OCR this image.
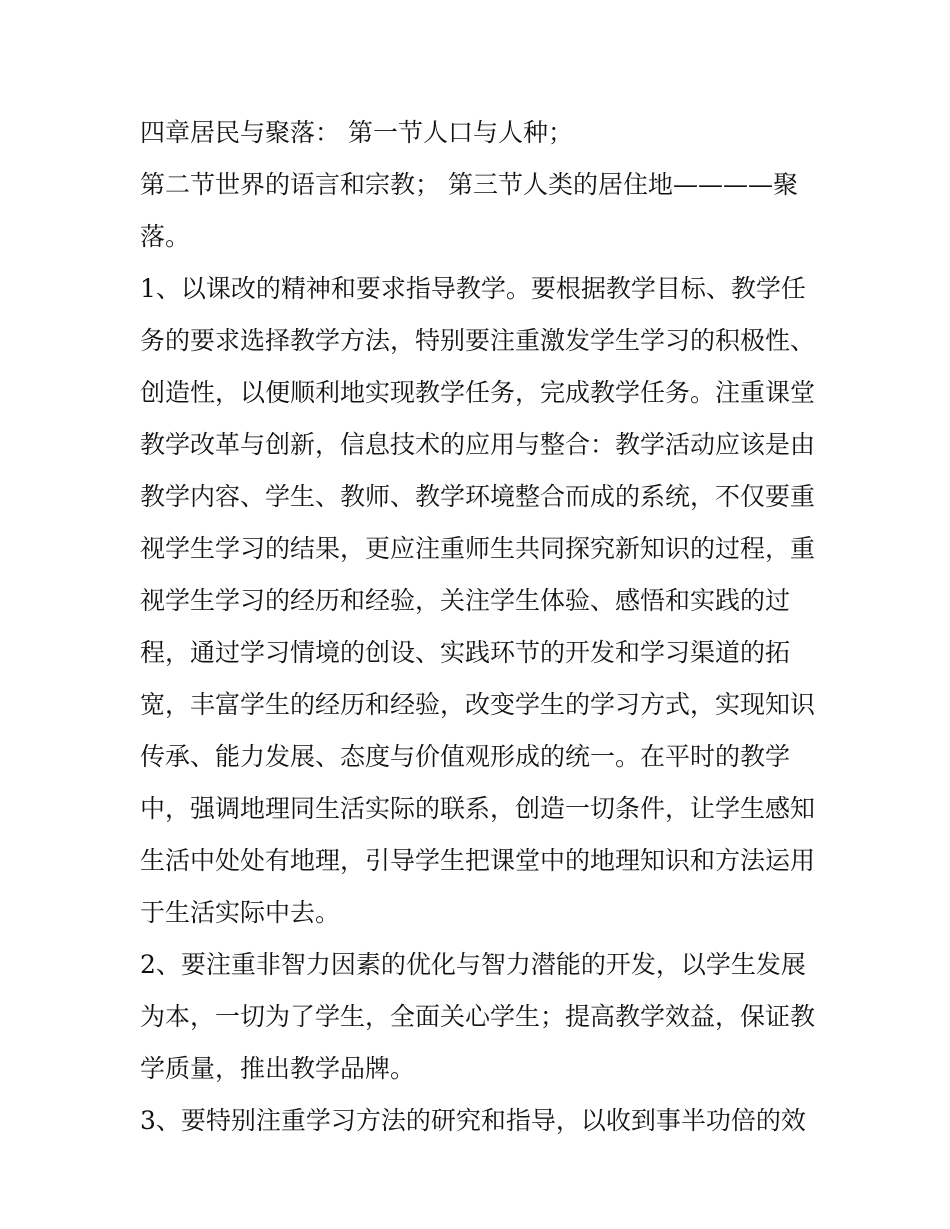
四章居民与聚落： 第一节人口与人种；
第二节世界的语言和宗教； 第三节人类的居住地————聚
落。
1、以课改的精神和要求指导教学。要根据教学目标、教学任
务的要求选择教学方法，特别要注重激发学生学习的积极性、
创造性，以便顺利地实现教学任务，完成教学任务。注重课堂
教学改革与创新，信息技术的应用与整合：教学活动应该是由
教学内容、学生、教师、教学环境整合而成的系统，不仅要重
视学生学习的结果，更应注重师生共同探究新知识的过程，重
视学生学习的经历和经验，关注学生体验、感悟和实践的过
程，通过学习情境的创设、实践环节的开发和学习渠道的拓
宽，丰富学生的经历和经验，改变学生的学习方式，实现知识
传承、能力发展、态度与价值观形成的统一。在平时的教学
中，强调地理同生活实际的联系，创造一切条件，让学生感知
生活中处处有地理，引导学生把课堂中的地理知识和方法运用
于生活实际中去。
2、要注重非智力因素的优化与智力潜能的开发，以学生发展
为本，一切为了学生，全面关心学生；提高教学效益，保证教
学质量，推出教学品牌。
3、要特别注重学习方法的研究和指导，以收到事半功倍的效
